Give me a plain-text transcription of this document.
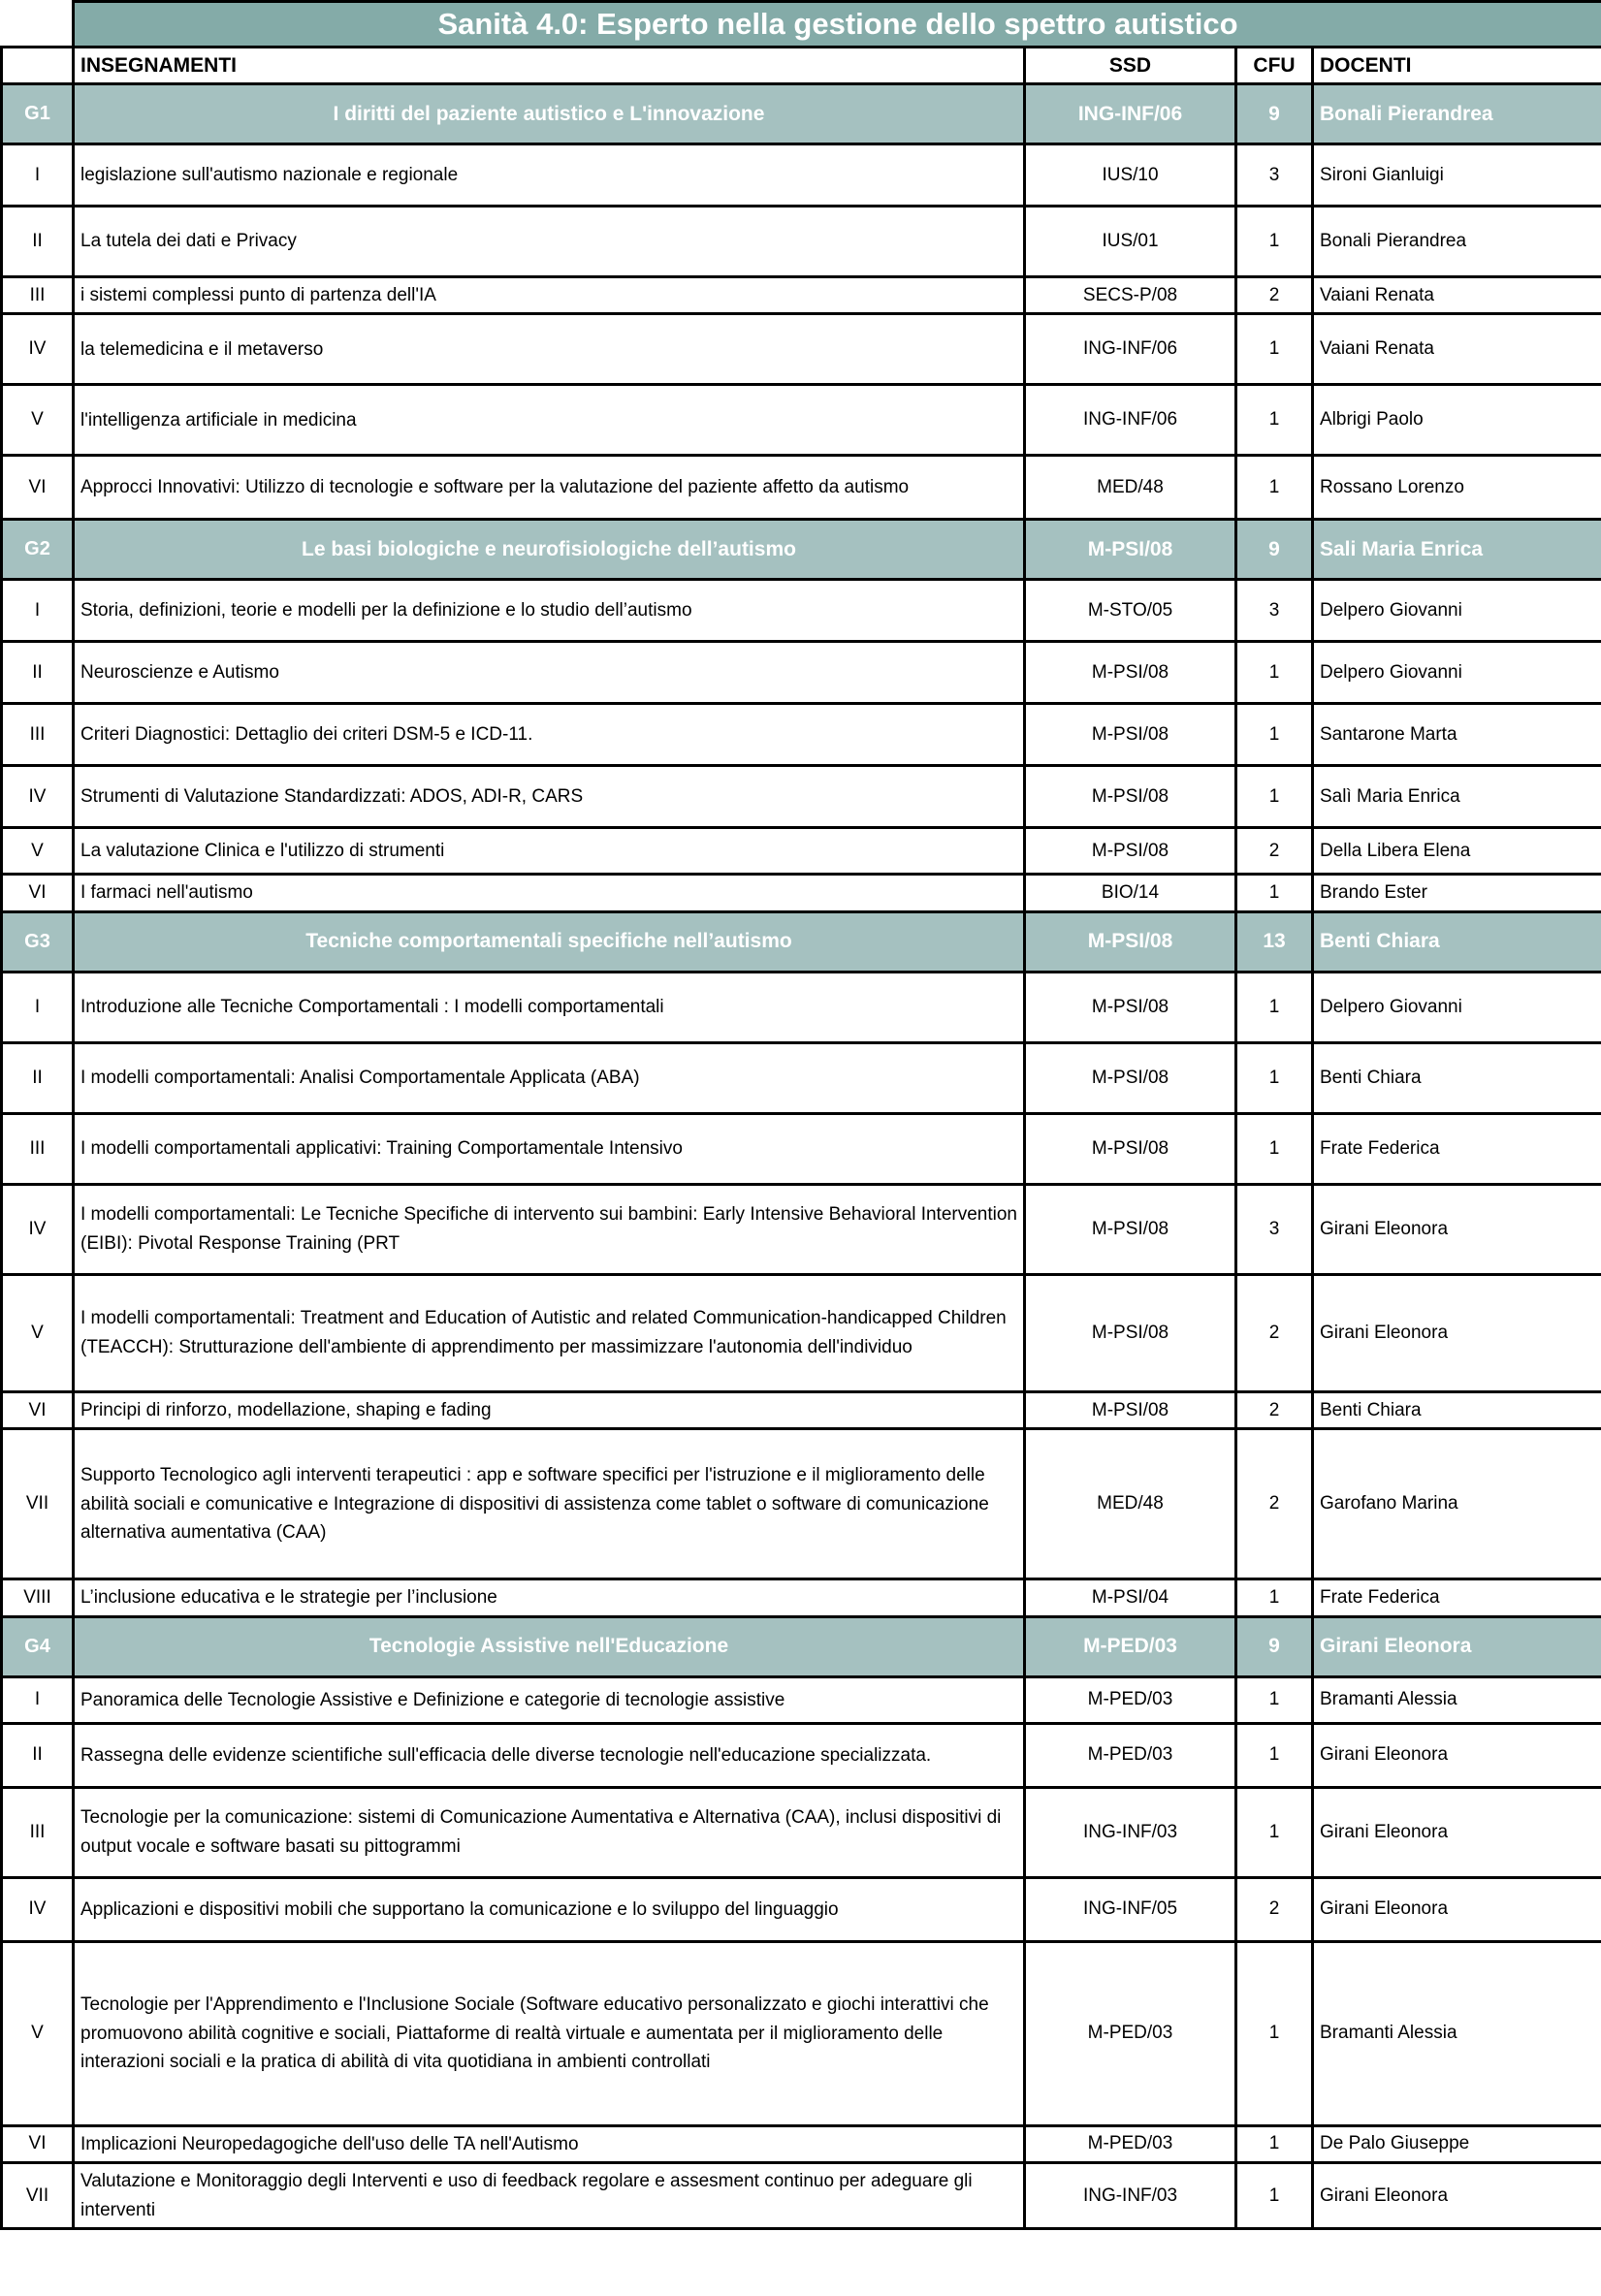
	Sanità 4.0: Esperto nella gestione dello spettro autistico			
	INSEGNAMENTI	SSD	CFU	DOCENTI
G1	I diritti del paziente autistico e L'innovazione	ING-INF/06	9	Bonali Pierandrea
I	legislazione sull'autismo nazionale e regionale	IUS/10	3	Sironi Gianluigi
II	La tutela dei dati e Privacy	IUS/01	1	Bonali Pierandrea
III	i sistemi complessi punto di partenza dell'IA	SECS-P/08	2	Vaiani Renata
IV	la telemedicina e il metaverso	ING-INF/06	1	Vaiani Renata
V	l'intelligenza artificiale in medicina	ING-INF/06	1	Albrigi Paolo
VI	Approcci Innovativi: Utilizzo di tecnologie e software per la valutazione del paziente affetto da autismo	MED/48	1	Rossano Lorenzo
G2	Le basi biologiche e neurofisiologiche dell’autismo	M-PSI/08	9	Sali Maria Enrica
I	Storia, definizioni, teorie e modelli per la definizione e lo studio dell’autismo	M-STO/05	3	Delpero Giovanni
II	Neuroscienze e Autismo	M-PSI/08	1	Delpero Giovanni
III	Criteri Diagnostici: Dettaglio dei criteri DSM-5 e ICD-11.	M-PSI/08	1	Santarone Marta
IV	Strumenti di Valutazione Standardizzati: ADOS, ADI-R, CARS	M-PSI/08	1	Salì Maria Enrica
V	La valutazione Clinica e l'utilizzo di strumenti	M-PSI/08	2	Della Libera Elena
VI	I farmaci nell'autismo	BIO/14	1	Brando Ester
G3	Tecniche comportamentali specifiche nell’autismo	M-PSI/08	13	Benti Chiara
I	Introduzione alle Tecniche Comportamentali : I modelli comportamentali	M-PSI/08	1	Delpero Giovanni
II	I modelli comportamentali: Analisi Comportamentale Applicata (ABA)	M-PSI/08	1	Benti Chiara
III	I modelli comportamentali applicativi: Training Comportamentale Intensivo	M-PSI/08	1	Frate Federica
IV	I modelli comportamentali: Le Tecniche Specifiche di intervento sui bambini: Early Intensive Behavioral Intervention (EIBI): Pivotal Response Training (PRT	M-PSI/08	3	Girani Eleonora
V	I modelli comportamentali: Treatment and Education of Autistic and related Communication-handicapped Children (TEACCH): Strutturazione dell'ambiente di apprendimento per massimizzare l'autonomia dell'individuo	M-PSI/08	2	Girani Eleonora
VI	Principi di rinforzo, modellazione, shaping e fading	M-PSI/08	2	Benti Chiara
VII	Supporto Tecnologico agli interventi terapeutici : app e software specifici per l'istruzione e il miglioramento delle abilità sociali e comunicative e Integrazione di dispositivi di assistenza come tablet o software di comunicazione alternativa aumentativa (CAA)	MED/48	2	Garofano Marina
VIII	L’inclusione educativa e le strategie per l’inclusione	M-PSI/04	1	Frate Federica
G4	Tecnologie Assistive nell'Educazione	M-PED/03	9	Girani Eleonora
I	Panoramica delle Tecnologie Assistive e Definizione e categorie di tecnologie assistive	M-PED/03	1	Bramanti Alessia
II	Rassegna delle evidenze scientifiche sull'efficacia delle diverse tecnologie nell'educazione specializzata.	M-PED/03	1	Girani Eleonora
III	Tecnologie per la comunicazione: sistemi di Comunicazione Aumentativa e Alternativa (CAA), inclusi dispositivi di output vocale e software basati su pittogrammi	ING-INF/03	1	Girani Eleonora
IV	Applicazioni e dispositivi mobili che supportano la comunicazione e lo sviluppo del linguaggio	ING-INF/05	2	Girani Eleonora
V	Tecnologie per l'Apprendimento e l'Inclusione Sociale (Software educativo personalizzato e giochi interattivi che promuovono abilità cognitive e sociali, Piattaforme di realtà virtuale e aumentata per il miglioramento delle interazioni sociali e la pratica di abilità di vita quotidiana in ambienti controllati	M-PED/03	1	Bramanti Alessia
VI	Implicazioni Neuropedagogiche dell'uso delle TA nell'Autismo	M-PED/03	1	De Palo Giuseppe
VII	Valutazione e Monitoraggio degli Interventi e uso di feedback regolare e assesment continuo per adeguare gli interventi	ING-INF/03	1	Girani Eleonora
